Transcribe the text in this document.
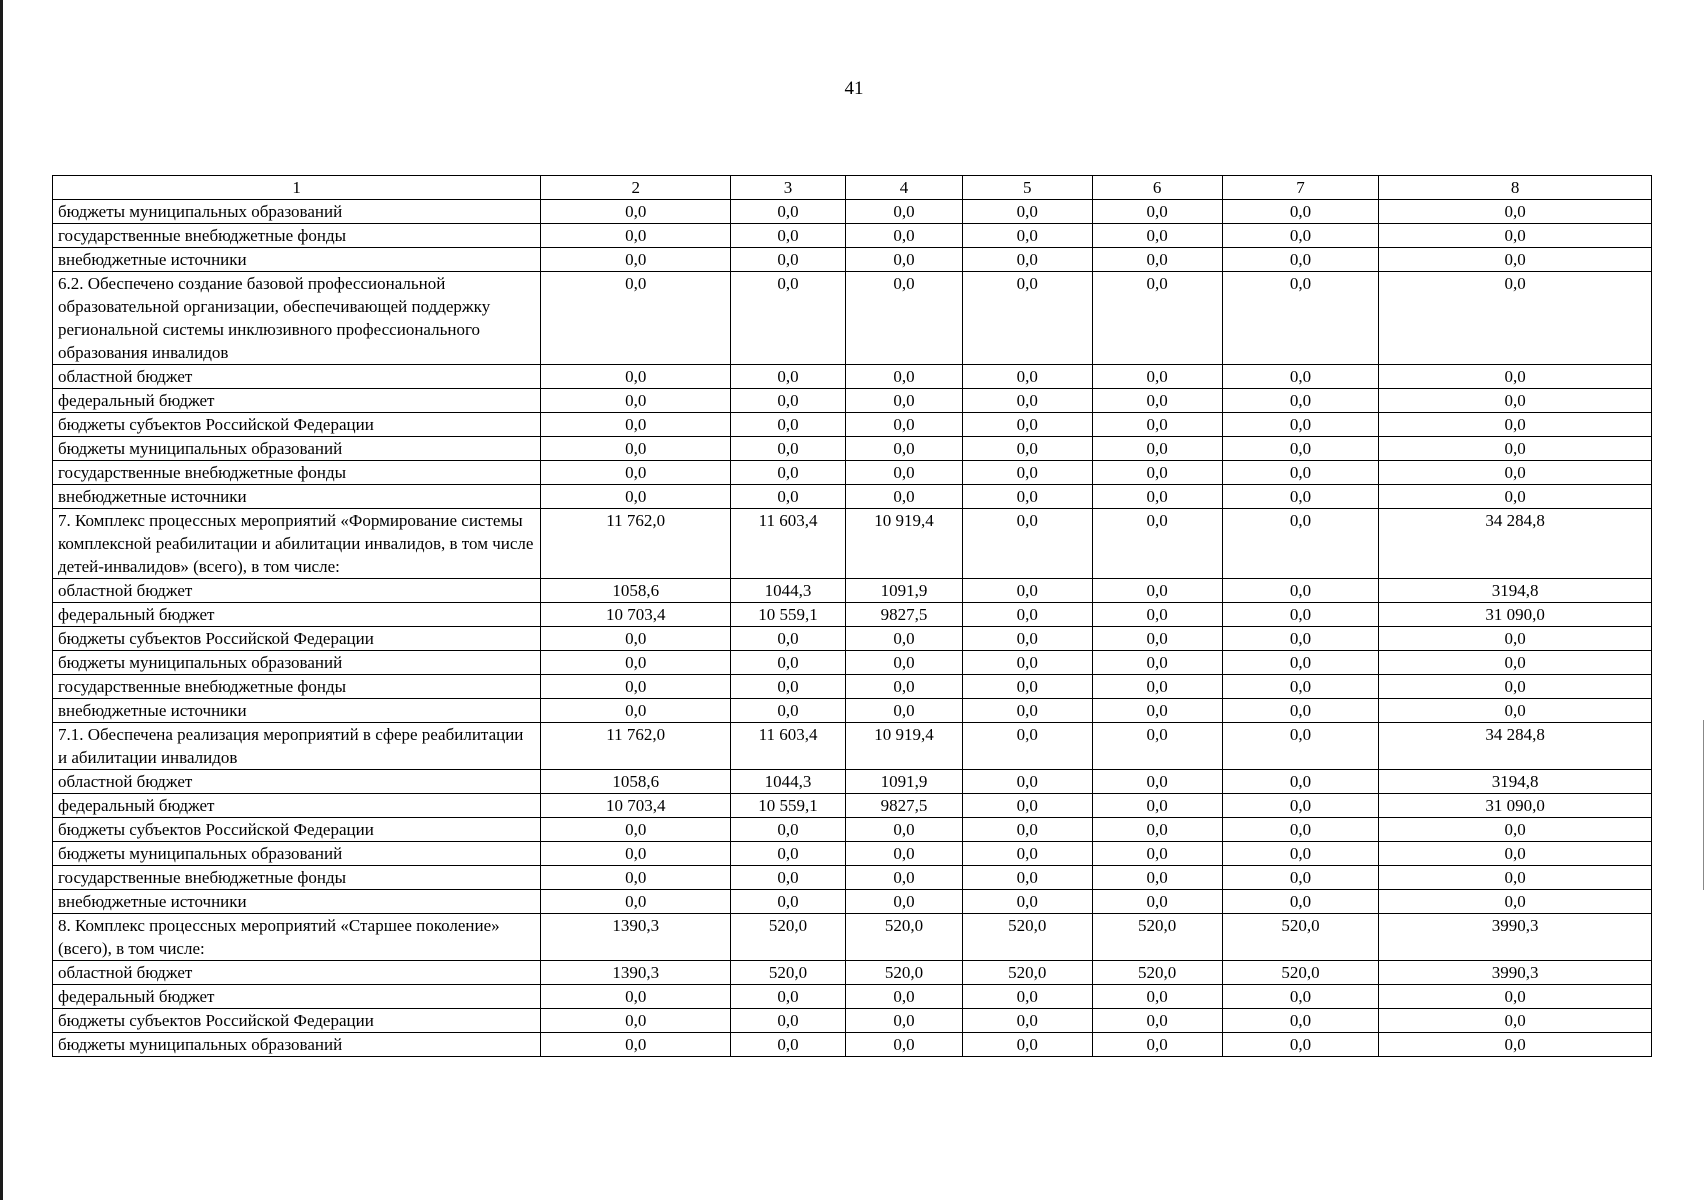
41
1	2	3	4	5	6	7	8
бюджеты муниципальных образований	0,0	0,0	0,0	0,0	0,0	0,0	0,0
государственные внебюджетные фонды	0,0	0,0	0,0	0,0	0,0	0,0	0,0
внебюджетные источники	0,0	0,0	0,0	0,0	0,0	0,0	0,0
6.2. Обеспечено создание базовой профессиональной образовательной организации, обеспечивающей поддержку региональной системы инклюзивного профессионального образования инвалидов	0,0	0,0	0,0	0,0	0,0	0,0	0,0
областной бюджет	0,0	0,0	0,0	0,0	0,0	0,0	0,0
федеральный бюджет	0,0	0,0	0,0	0,0	0,0	0,0	0,0
бюджеты субъектов Российской Федерации	0,0	0,0	0,0	0,0	0,0	0,0	0,0
бюджеты муниципальных образований	0,0	0,0	0,0	0,0	0,0	0,0	0,0
государственные внебюджетные фонды	0,0	0,0	0,0	0,0	0,0	0,0	0,0
внебюджетные источники	0,0	0,0	0,0	0,0	0,0	0,0	0,0
7. Комплекс процессных мероприятий «Формирование системы комплексной реабилитации и абилитации инвалидов, в том числе детей-инвалидов» (всего), в том числе:	11 762,0	11 603,4	10 919,4	0,0	0,0	0,0	34 284,8
областной бюджет	1058,6	1044,3	1091,9	0,0	0,0	0,0	3194,8
федеральный бюджет	10 703,4	10 559,1	9827,5	0,0	0,0	0,0	31 090,0
бюджеты субъектов Российской Федерации	0,0	0,0	0,0	0,0	0,0	0,0	0,0
бюджеты муниципальных образований	0,0	0,0	0,0	0,0	0,0	0,0	0,0
государственные внебюджетные фонды	0,0	0,0	0,0	0,0	0,0	0,0	0,0
внебюджетные источники	0,0	0,0	0,0	0,0	0,0	0,0	0,0
7.1. Обеспечена реализация мероприятий в сфере реабилитации и абилитации инвалидов	11 762,0	11 603,4	10 919,4	0,0	0,0	0,0	34 284,8
областной бюджет	1058,6	1044,3	1091,9	0,0	0,0	0,0	3194,8
федеральный бюджет	10 703,4	10 559,1	9827,5	0,0	0,0	0,0	31 090,0
бюджеты субъектов Российской Федерации	0,0	0,0	0,0	0,0	0,0	0,0	0,0
бюджеты муниципальных образований	0,0	0,0	0,0	0,0	0,0	0,0	0,0
государственные внебюджетные фонды	0,0	0,0	0,0	0,0	0,0	0,0	0,0
внебюджетные источники	0,0	0,0	0,0	0,0	0,0	0,0	0,0
8. Комплекс процессных мероприятий «Старшее поколение» (всего), в том числе:	1390,3	520,0	520,0	520,0	520,0	520,0	3990,3
областной бюджет	1390,3	520,0	520,0	520,0	520,0	520,0	3990,3
федеральный бюджет	0,0	0,0	0,0	0,0	0,0	0,0	0,0
бюджеты субъектов Российской Федерации	0,0	0,0	0,0	0,0	0,0	0,0	0,0
бюджеты муниципальных образований	0,0	0,0	0,0	0,0	0,0	0,0	0,0
